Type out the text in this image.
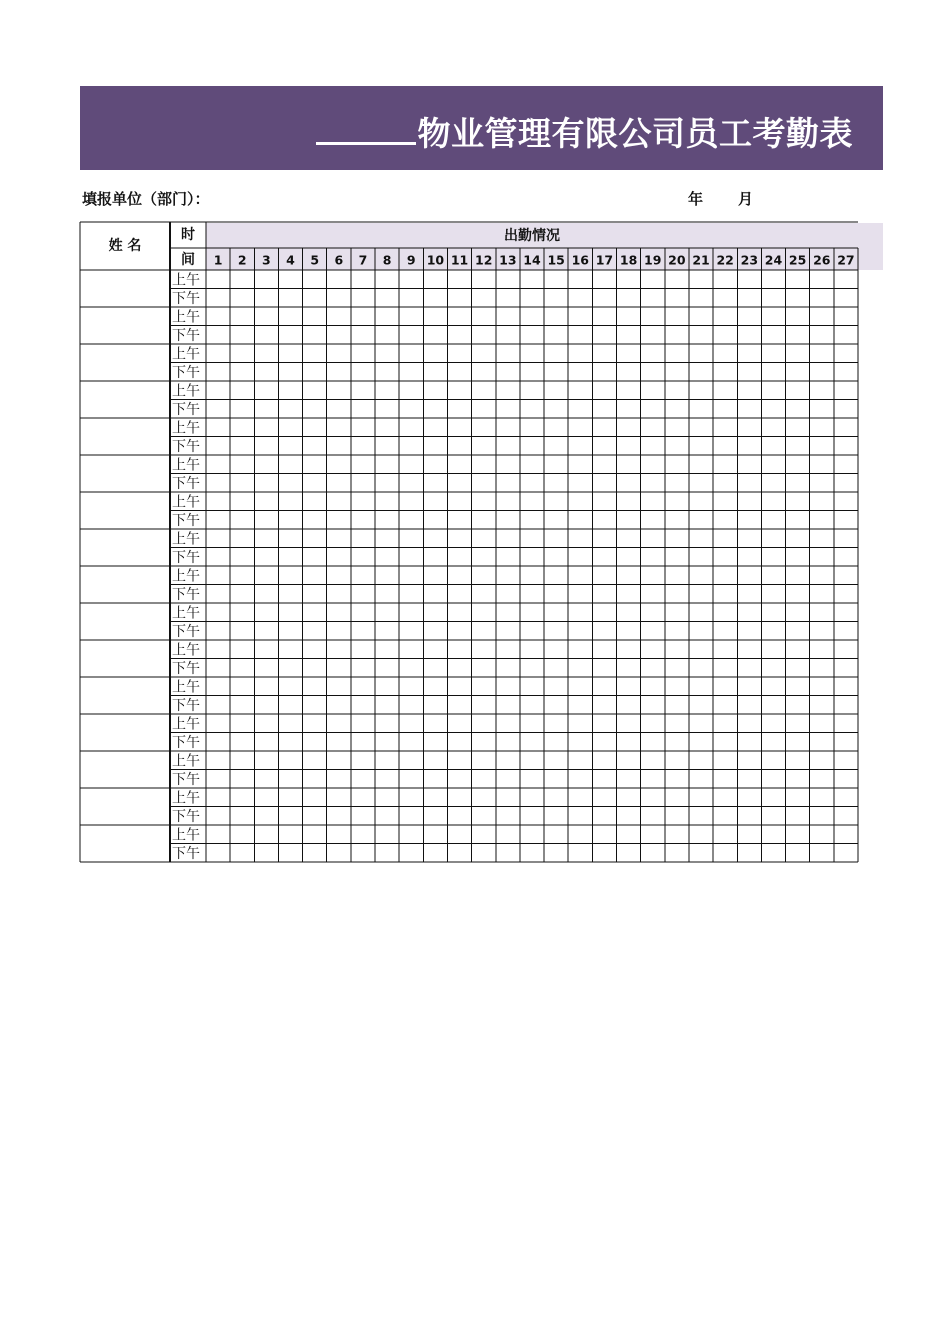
物业管理有限公司员工考勤表
填报单位（部门）：	年 月
姓 名
时
间
出勤情况
1 2 3 4 5 6 7 8 9 10 11 12 13 14 15 16 17 18 19 20 21 22 23 24 25 26 27
上午
下午
上午
下午
上午
下午
上午
下午
上午
下午
上午
下午
上午
下午
上午
下午
上午
下午
上午
下午
上午
下午
上午
下午
上午
下午
上午
下午
上午
下午
上午
下午
